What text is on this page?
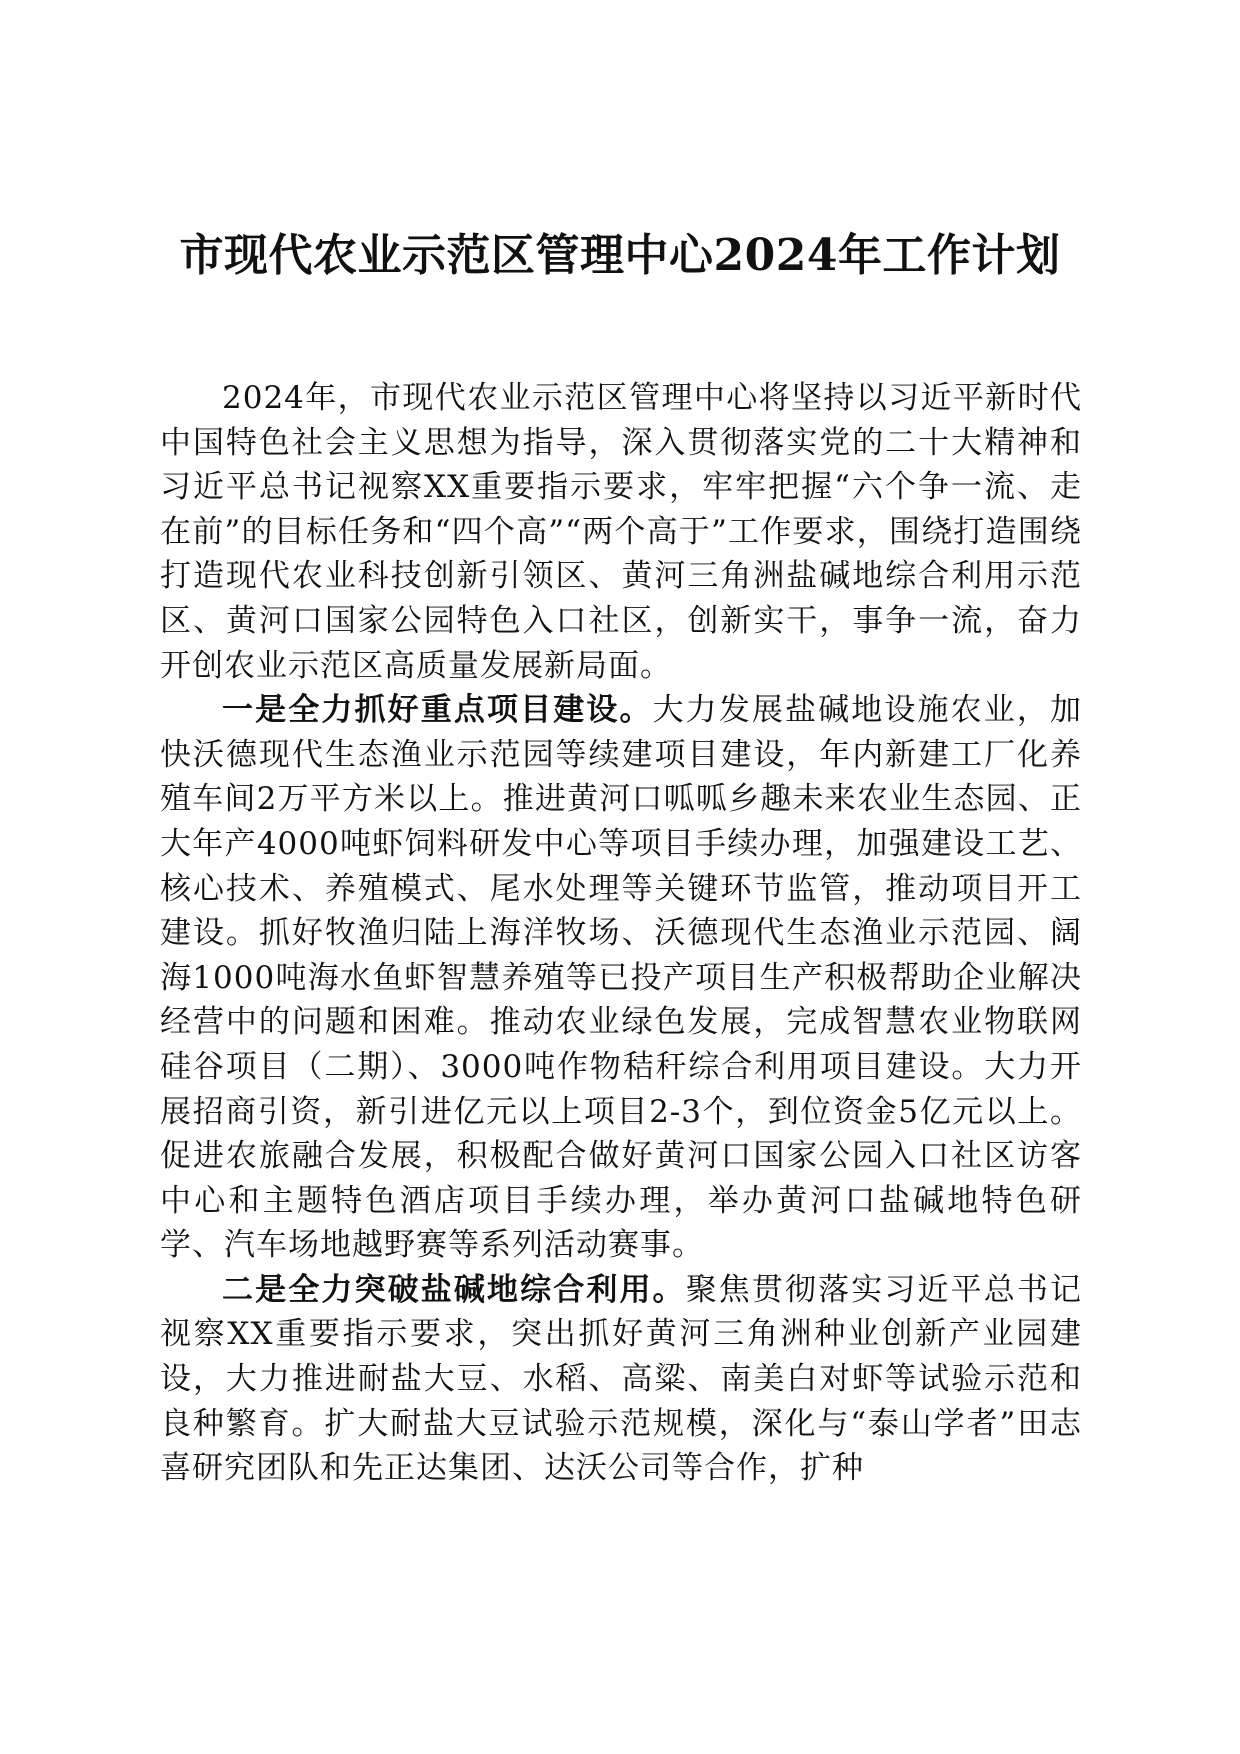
市现代农业示范区管理中心2024年工作计划

2024年，市现代农业示范区管理中心将坚持以习近平新时代中国特色社会主义思想为指导，深入贯彻落实党的二十大精神和习近平总书记视察XX重要指示要求，牢牢把握“六个争一流、走在前”的目标任务和“四个高”“两个高于”工作要求，围绕打造围绕打造现代农业科技创新引领区、黄河三角洲盐碱地综合利用示范区、黄河口国家公园特色入口社区，创新实干，事争一流，奋力开创农业示范区高质量发展新局面。

一是全力抓好重点项目建设。大力发展盐碱地设施农业，加快沃德现代生态渔业示范园等续建项目建设，年内新建工厂化养殖车间2万平方米以上。推进黄河口呱呱乡趣未来农业生态园、正大年产4000吨虾饲料研发中心等项目手续办理，加强建设工艺、核心技术、养殖模式、尾水处理等关键环节监管，推动项目开工建设。抓好牧渔归陆上海洋牧场、沃德现代生态渔业示范园、阔海1000吨海水鱼虾智慧养殖等已投产项目生产积极帮助企业解决经营中的问题和困难。推动农业绿色发展，完成智慧农业物联网硅谷项目（二期）、3000吨作物秸秆综合利用项目建设。大力开展招商引资，新引进亿元以上项目2-3个，到位资金5亿元以上。促进农旅融合发展，积极配合做好黄河口国家公园入口社区访客中心和主题特色酒店项目手续办理，举办黄河口盐碱地特色研学、汽车场地越野赛等系列活动赛事。

二是全力突破盐碱地综合利用。聚焦贯彻落实习近平总书记视察XX重要指示要求，突出抓好黄河三角洲种业创新产业园建设，大力推进耐盐大豆、水稻、高粱、南美白对虾等试验示范和良种繁育。扩大耐盐大豆试验示范规模，深化与“泰山学者”田志喜研究团队和先正达集团、达沃公司等合作，扩种
